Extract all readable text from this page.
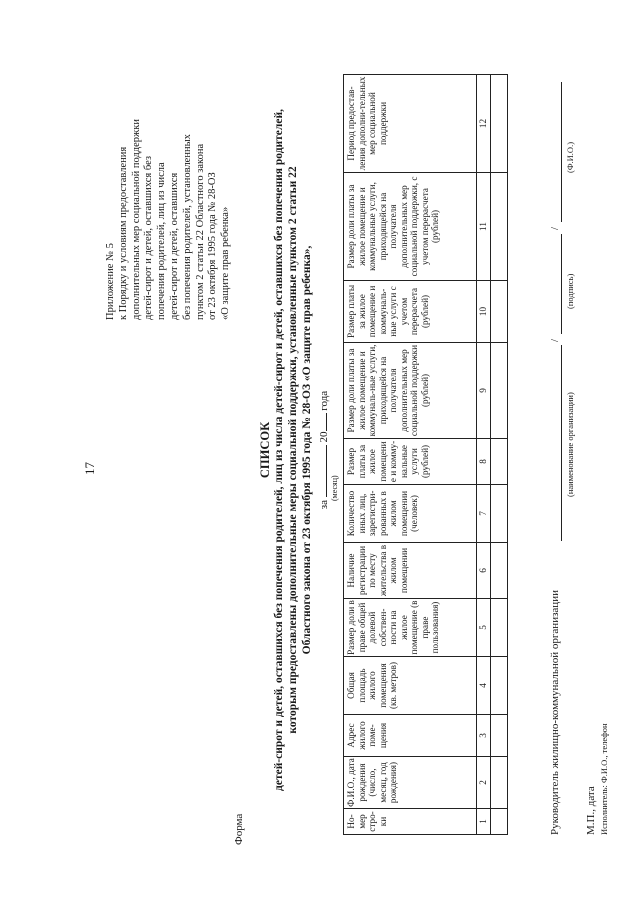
17
Приложение № 5 к Порядку и условиям предоставления дополнительных мер социальной поддержки детей-сирот и детей, оставшихся без попечения родителей, лиц из числа детей-сирот и детей, оставшихся без попечения родителей, установленных пунктом 2 статьи 22 Областного закона от 23 октября 1995 года № 28-ОЗ «О защите прав ребенка»
Форма
СПИСОК детей-сирот и детей, оставшихся без попечения родителей, лиц из числа детей-сирот и детей, оставшихся без попечения родителей, которым предоставлены дополнительные меры социальной поддержки, установленные пунктом 2 статьи 22 Областного закона от 23 октября 1995 года № 28-ОЗ «О защите прав ребенка», за  20 года
(месяц)
Но-мер стро-ки	Ф.И.О., дата рождения (число, месяц, год рождения)	Адрес жилого поме-щения	Общая площадь жилого помещения (кв. метров)	Размер доли в праве общей долевой собствен-ности на жилое помещение (в праве пользования)	Наличие регистрации по месту жительства в жилом помещении	Количество иных лиц, зарегистри-рованных в жилом помещении (человек)	Размер платы за жилое помещение и комму-нальные услуги (рублей)	Размер доли платы за жилое помещение и коммуналь-ные услуги, приходящейся на получателя дополнительных мер социальной поддержки (рублей)	Размер платы за жилое помещение и коммуналь-ные услуги с учетом перерасчета (рублей)	Размер доли платы за жилое помещение и коммунальные услуги, приходящейся на получателя дополнительных мер социальной поддержки, с учетом перерасчета (рублей)	Период предостав-ления дополни-тельных мер социальной поддержки
1	2	3	4	5	6	7	8	9	10	11	12

Руководитель жилищно-коммунальной организации
(наименование организации)
/
(подпись)
/
(Ф.И.О.)
М.П., дата Исполнитель: Ф.И.О., телефон
